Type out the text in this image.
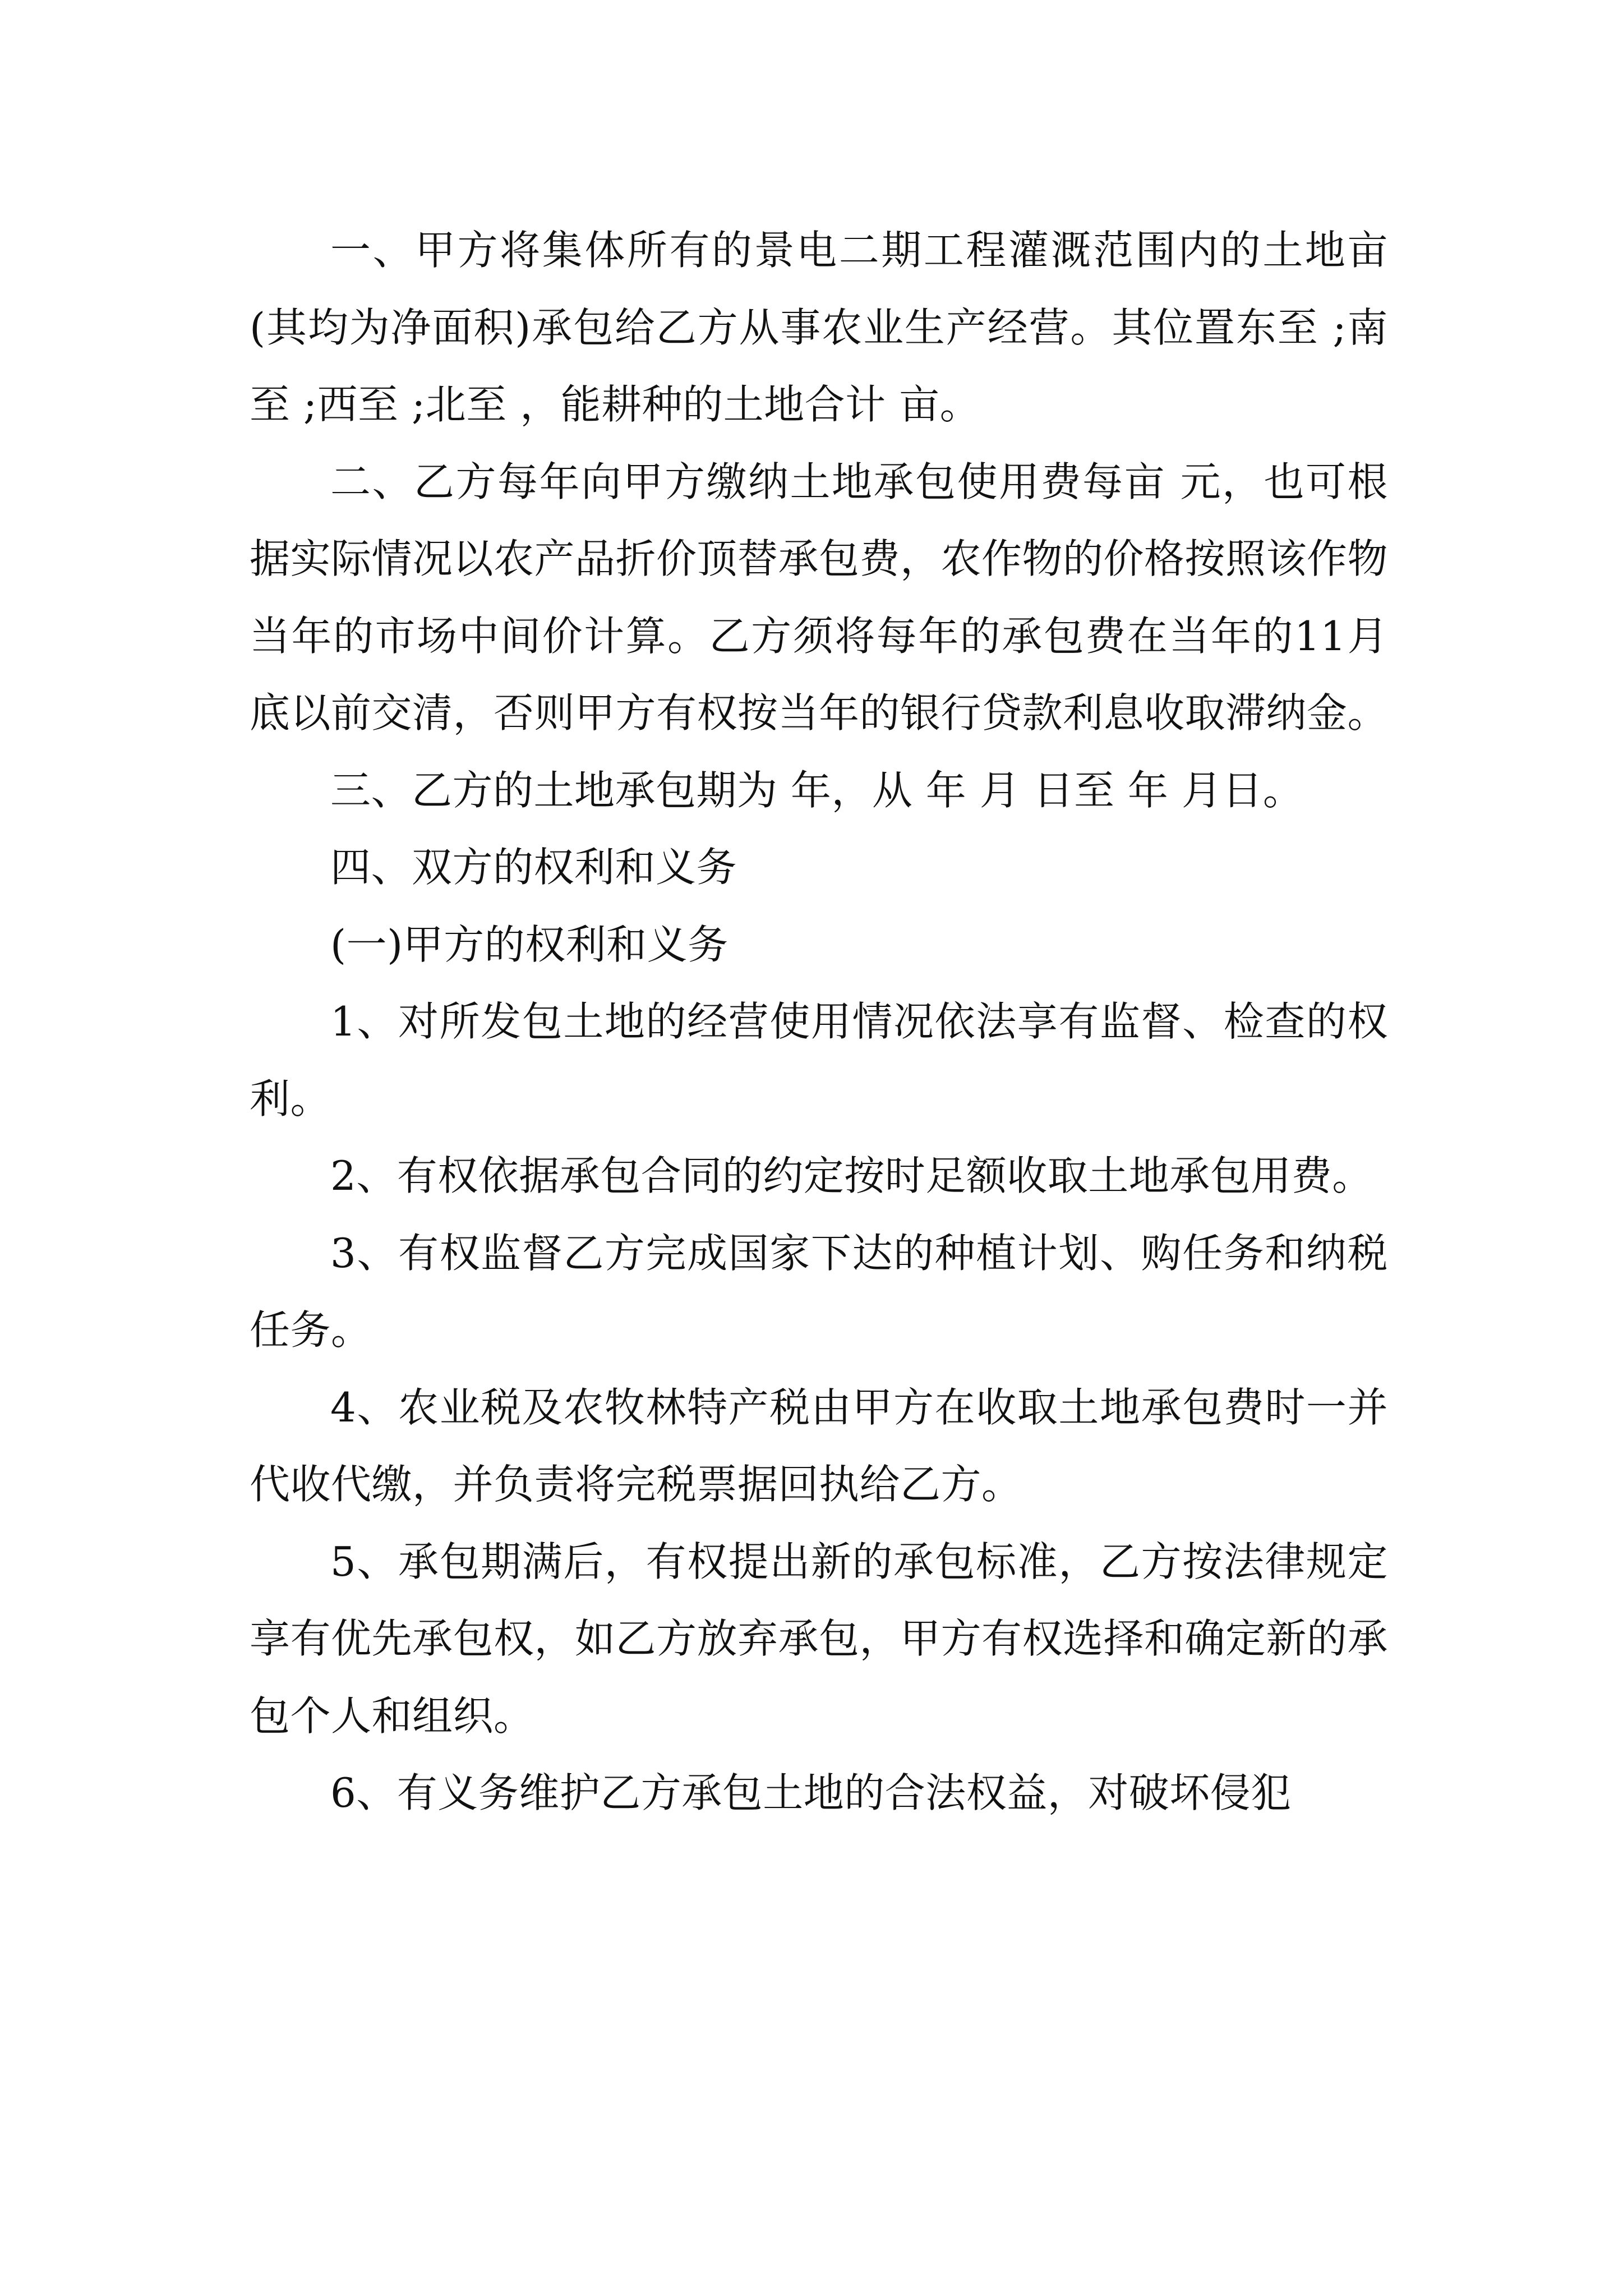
一、甲方将集体所有的景电二期工程灌溉范围内的土地亩(其均为净面积)承包给乙方从事农业生产经营。其位置东至 ;南至 ;西至 ;北至 ，能耕种的土地合计 亩。

二、乙方每年向甲方缴纳土地承包使用费每亩 元，也可根据实际情况以农产品折价顶替承包费，农作物的价格按照该作物当年的市场中间价计算。乙方须将每年的承包费在当年的11月底以前交清，否则甲方有权按当年的银行贷款利息收取滞纳金。

三、乙方的土地承包期为 年，从 年 月 日至 年 月日。

四、双方的权利和义务

(一)甲方的权利和义务

1、对所发包土地的经营使用情况依法享有监督、检查的权利。

2、有权依据承包合同的约定按时足额收取土地承包用费。

3、有权监督乙方完成国家下达的种植计划、购任务和纳税任务。

4、农业税及农牧林特产税由甲方在收取土地承包费时一并代收代缴，并负责将完税票据回执给乙方。

5、承包期满后，有权提出新的承包标准，乙方按法律规定享有优先承包权，如乙方放弃承包，甲方有权选择和确定新的承包个人和组织。

6、有义务维护乙方承包土地的合法权益，对破坏侵犯
